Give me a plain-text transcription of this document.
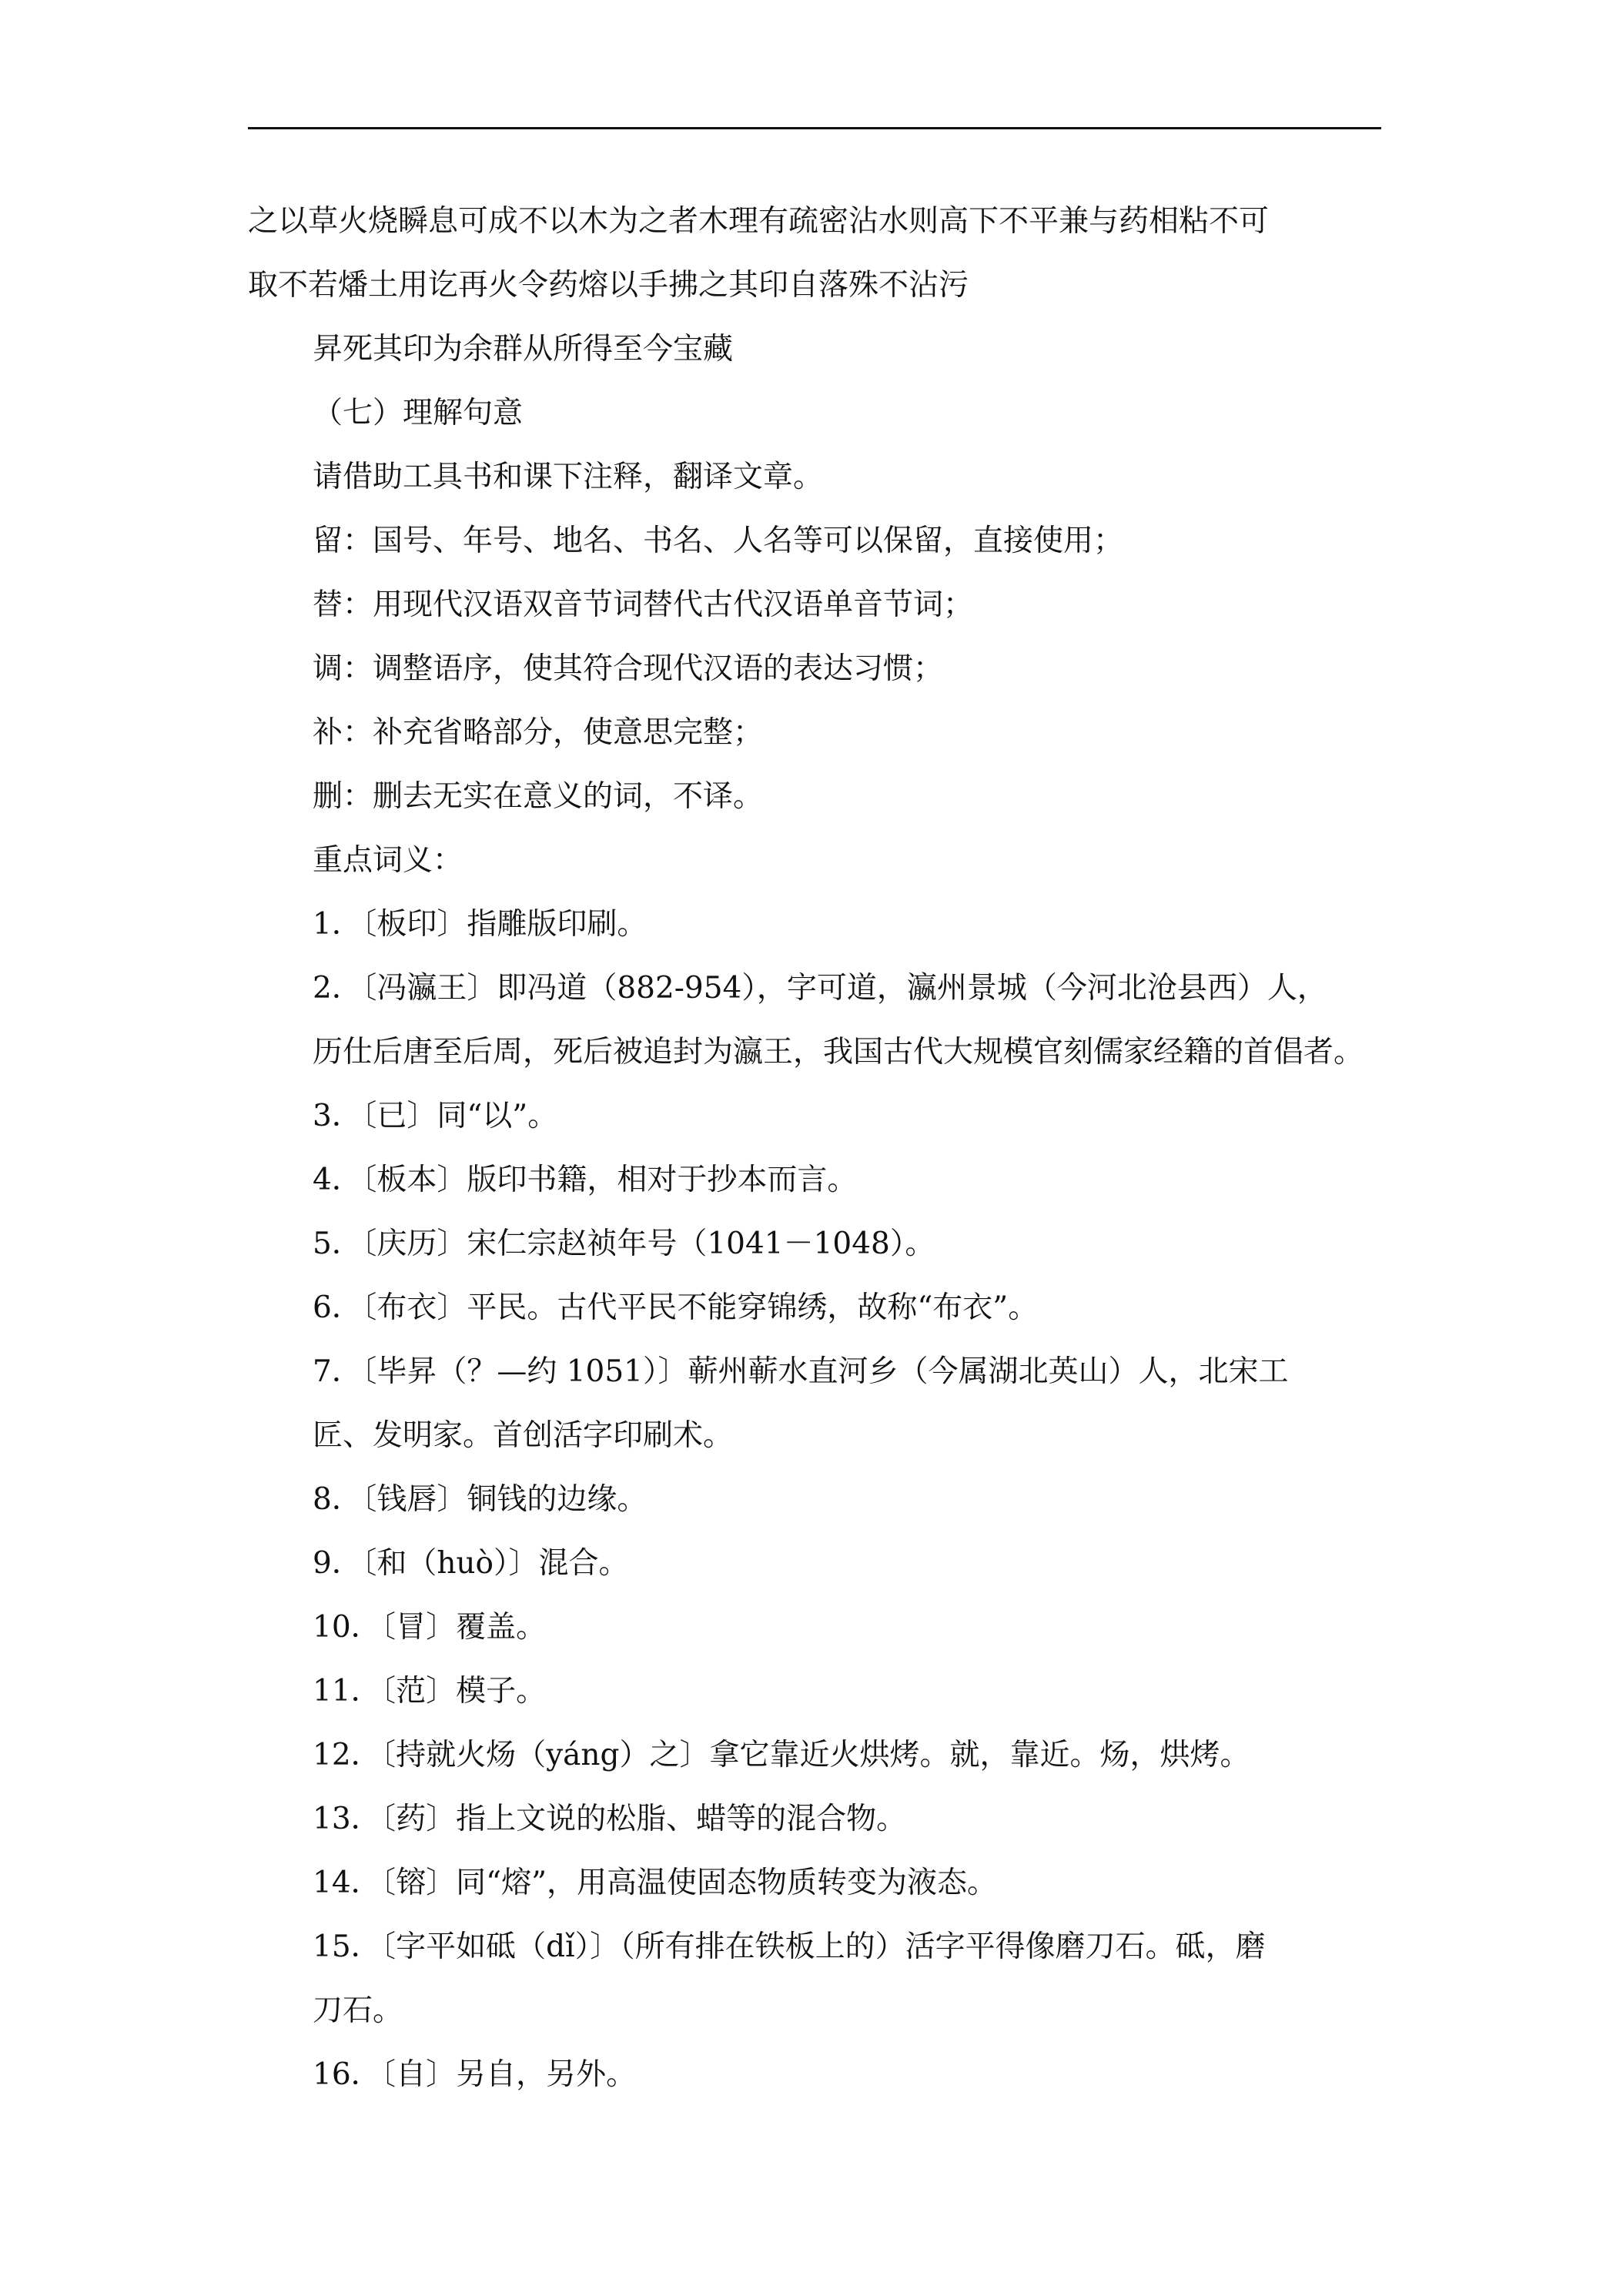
之以草火烧瞬息可成不以木为之者木理有疏密沾水则高下不平兼与药相粘不可
取不若燔土用讫再火令药熔以手拂之其印自落殊不沾污

昇死其印为余群从所得至今宝藏

（七）理解句意

请借助工具书和课下注释，翻译文章。

留：国号、年号、地名、书名、人名等可以保留，直接使用；

替：用现代汉语双音节词替代古代汉语单音节词；

调：调整语序，使其符合现代汉语的表达习惯；

补：补充省略部分，使意思完整；

删：删去无实在意义的词，不译。

重点词义：

1．〔板印〕指雕版印刷。

2．〔冯瀛王〕即冯道（882-954），字可道，瀛州景城（今河北沧县西）人，
历仕后唐至后周，死后被追封为瀛王，我国古代大规模官刻儒家经籍的首倡者。

3．〔已〕同“以”。

4．〔板本〕版印书籍，相对于抄本而言。

5．〔庆历〕宋仁宗赵祯年号（1041－1048）。

6．〔布衣〕平民。古代平民不能穿锦绣，故称“布衣”。

7．〔毕昇（？—约 1051）〕蕲州蕲水直河乡（今属湖北英山）人，北宋工
匠、发明家。首创活字印刷术。

8．〔钱唇〕铜钱的边缘。

9．〔和（huò）〕混合。

10．〔冒〕覆盖。

11．〔范〕模子。

12．〔持就火炀（yáng）之〕拿它靠近火烘烤。就，靠近。炀，烘烤。

13．〔药〕指上文说的松脂、蜡等的混合物。

14．〔镕〕同“熔”，用高温使固态物质转变为液态。

15．〔字平如砥（dǐ）〕（所有排在铁板上的）活字平得像磨刀石。砥，磨
刀石。

16．〔自〕另自，另外。
